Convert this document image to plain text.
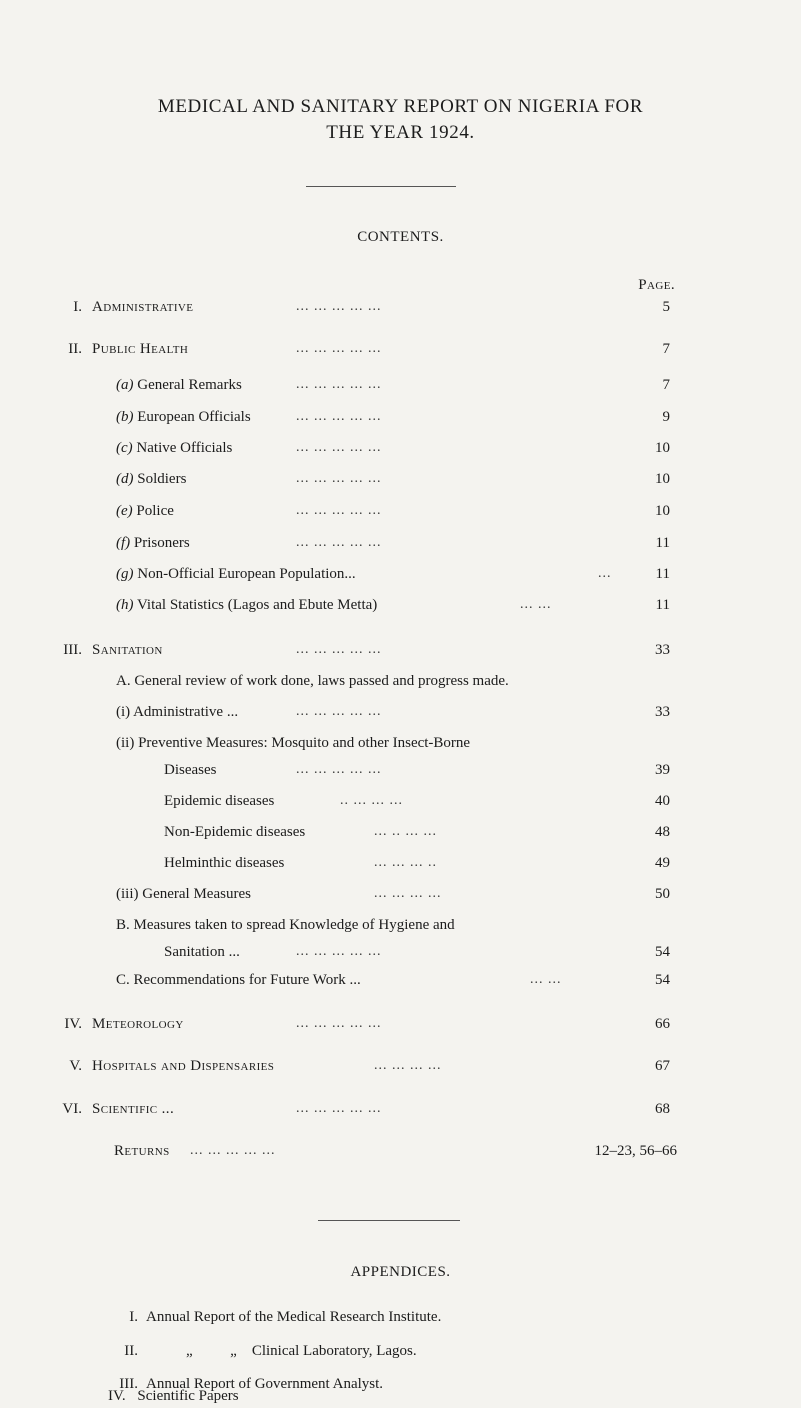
MEDICAL AND SANITARY REPORT ON NIGERIA FOR
THE YEAR 1924.
CONTENTS.
Page.
I. Administrative	... ... ... ... ...	5
II. Public Health	... ... ... ... ...	7
(a) General Remarks	... ... ... ... ...	7
(b) European Officials	... ... ... ... ...	9
(c) Native Officials	... ... ... ... ...	10
(d) Soldiers	... ... ... ... ...	10
(e) Police	... ... ... ... ...	10
(f) Prisoners	... ... ... ... ...	11
(g) Non-Official European Population...	...	11
(h) Vital Statistics (Lagos and Ebute Metta)	... ...	11
III. Sanitation	... ... ... ... ...	33
A. General review of work done, laws passed and progress made.
(i) Administrative ...	... ... ... ... ...	33
(ii) Preventive Measures: Mosquito and other Insect-Borne
Diseases	... ... ... ... ...	39
Epidemic diseases	.. ... ... ...	40
Non-Epidemic diseases	... .. ... ...	48
Helminthic diseases	... ... ... ..	49
(iii) General Measures	... ... ... ...	50
B. Measures taken to spread Knowledge of Hygiene and
Sanitation ...	... ... ... ... ...	54
C. Recommendations for Future Work ...	... ...	54
IV. Meteorology	... ... ... ... ...	66
V. Hospitals and Dispensaries	... ... ... ...	67
VI. Scientific ...	... ... ... ... ...	68
Returns ... ... ... ... ...	12–23, 56–66
APPENDICES.
I. Annual Report of the Medical Research Institute.
II.	„          „    Clinical Laboratory, Lagos.
III. Annual Report of Government Analyst.
IV. Scientific Papers
